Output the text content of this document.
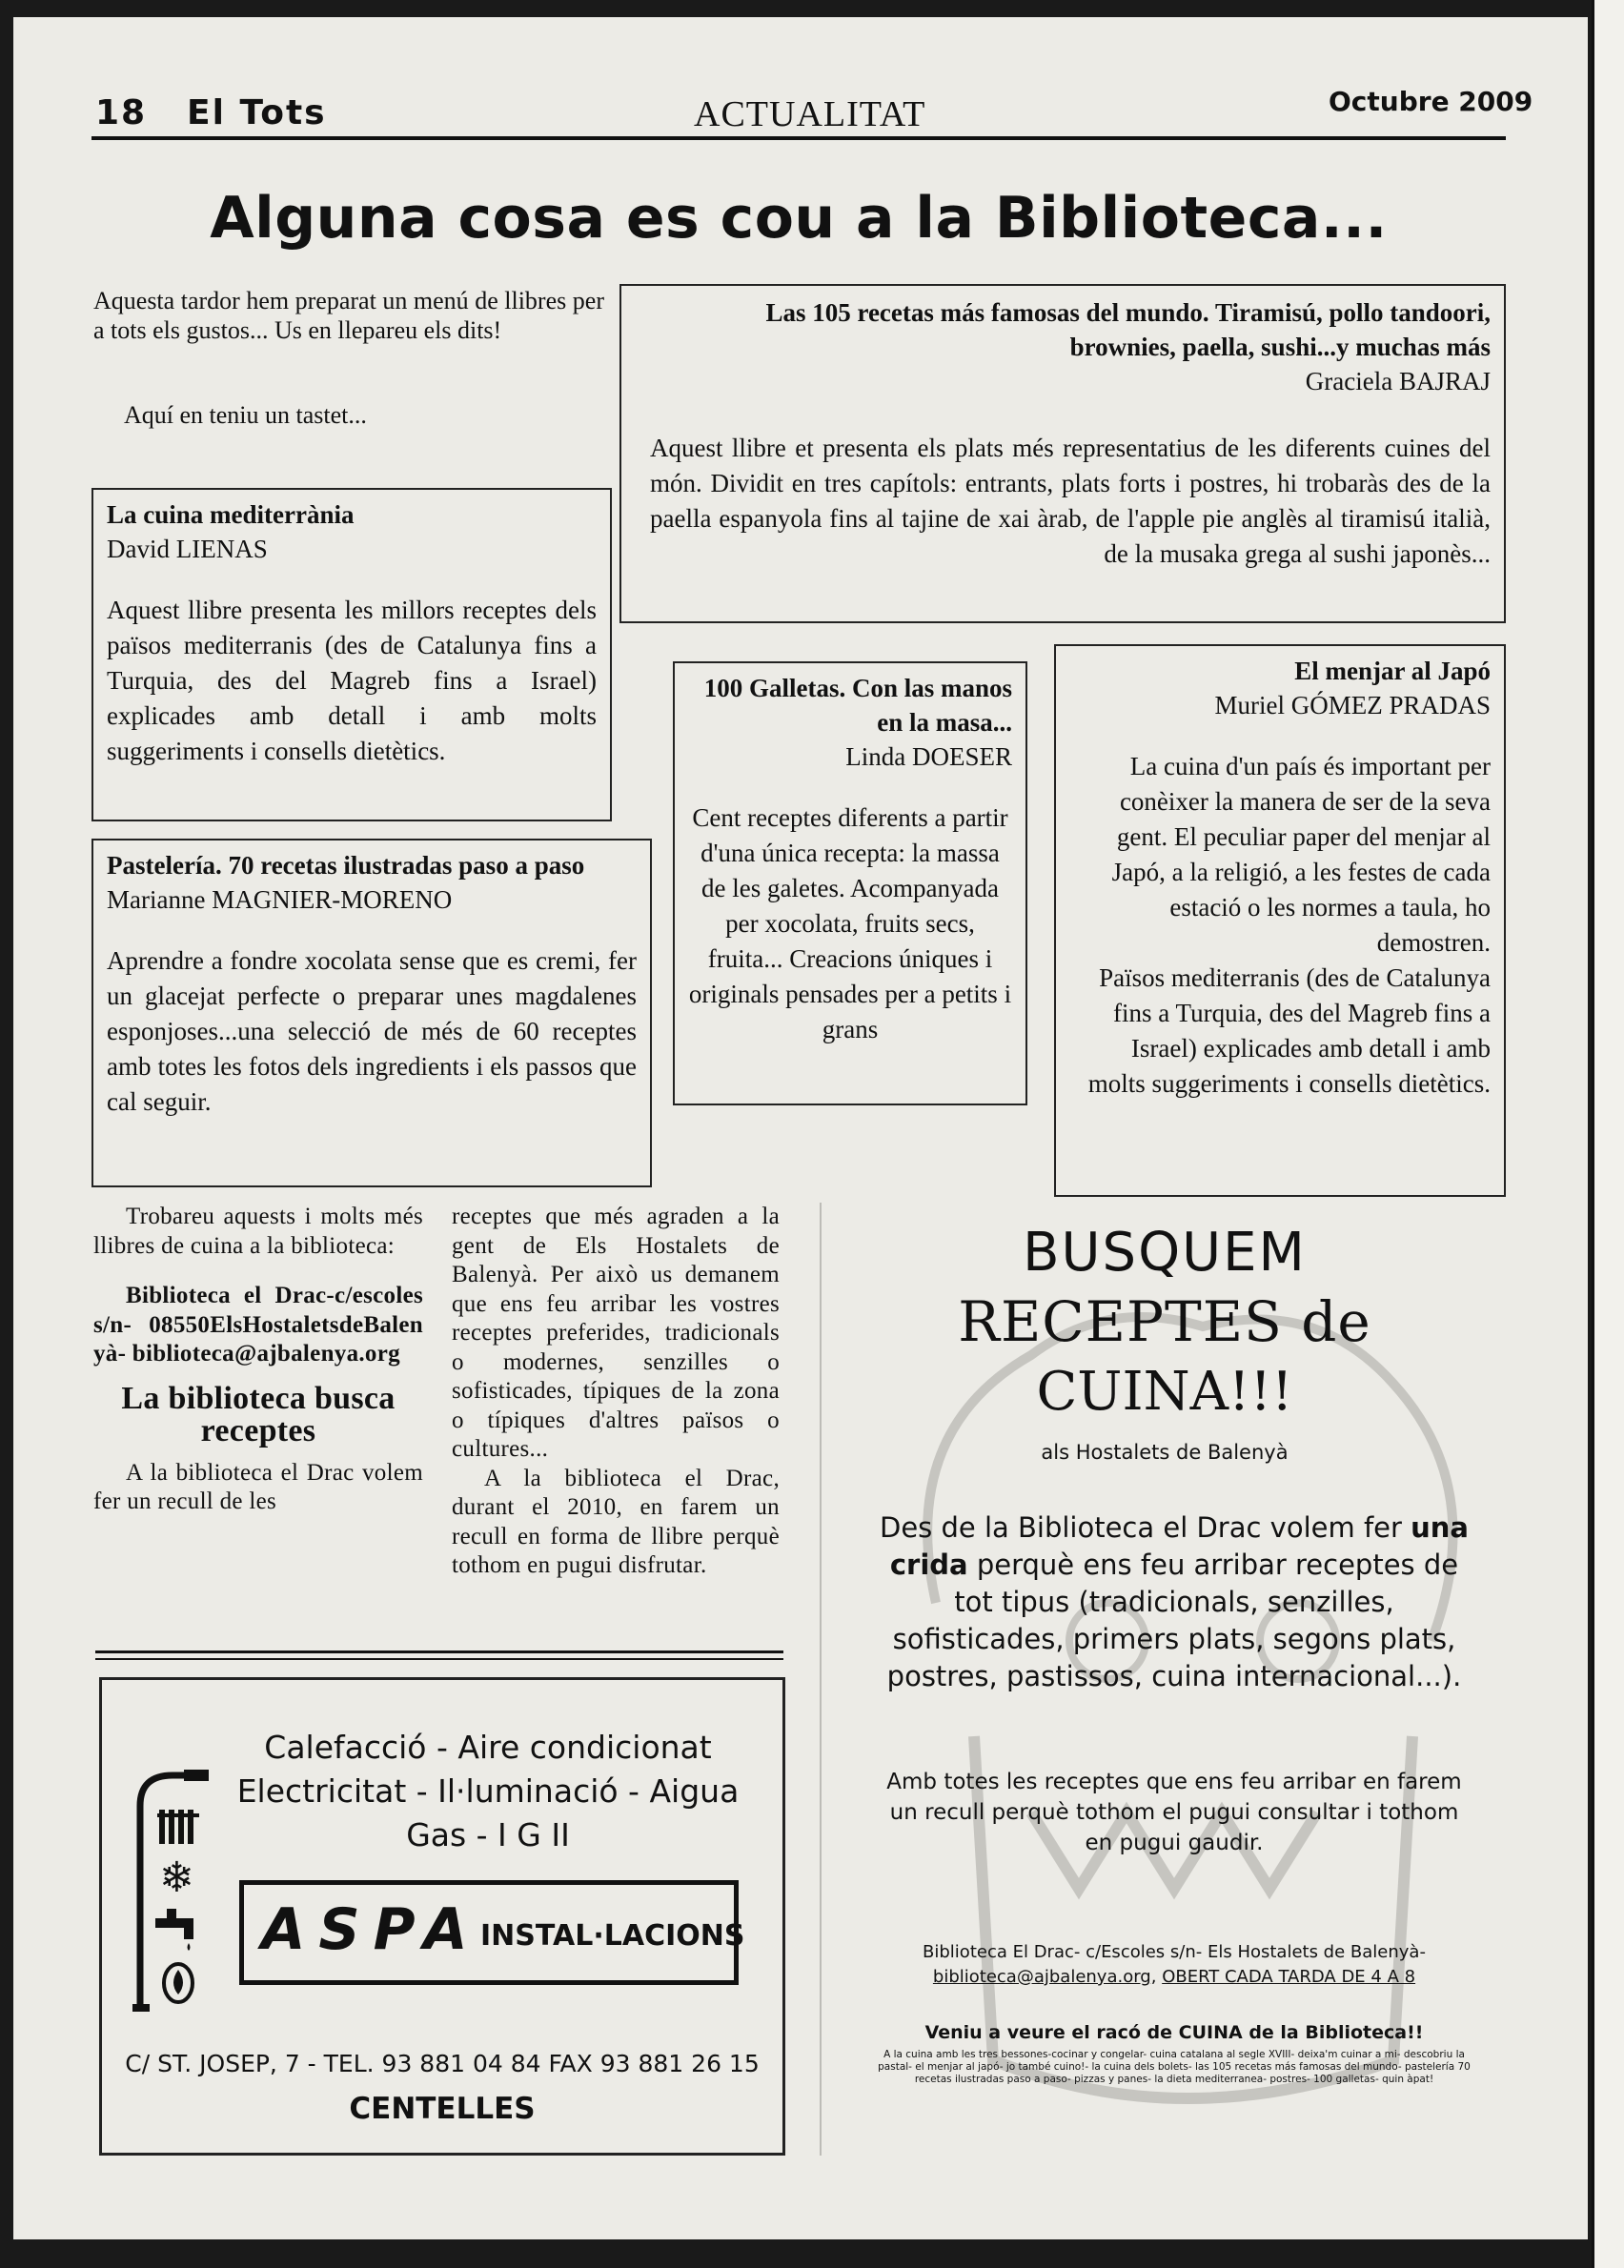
18 El Tots	ACTUALITAT	Octubre 2009
Alguna cosa es cou a la Biblioteca...
Aquesta tardor hem preparat un menú de llibres per a tots els gustos... Us en llepareu els dits!
Aquí en teniu un tastet...
Las 105 recetas más famosas del mundo. Tiramisú, pollo tandoori, brownies, paella, sushi...y muchas más
Graciela BAJRAJ
Aquest llibre et presenta els plats més representatius de les diferents cuines del món. Dividit en tres capítols: entrants, plats forts i postres, hi trobaràs des de la paella espanyola fins al tajine de xai àrab, de l'apple pie anglès al tiramisú italià, de la musaka grega al sushi japonès...
La cuina mediterrània
David LIENAS
Aquest llibre presenta les millors receptes dels països mediterranis (des de Catalunya fins a Turquia, des del Magreb fins a Israel) explicades amb detall i amb molts suggeriments i consells dietètics.
100 Galletas. Con las manos en la masa...
Linda DOESER
Cent receptes diferents a partir d'una única recepta: la massa de les galetes. Acompanyada per xocolata, fruits secs, fruita... Creacions úniques i originals pensades per a petits i grans
El menjar al Japó
Muriel GÓMEZ PRADAS
La cuina d'un país és important per conèixer la manera de ser de la seva gent. El peculiar paper del menjar al Japó, a la religió, a les festes de cada estació o les normes a taula, ho demostren.
Països mediterranis (des de Catalunya fins a Turquia, des del Magreb fins a Israel) explicades amb detall i amb molts suggeriments i consells dietètics.
Pastelería. 70 recetas ilustradas paso a paso
Marianne MAGNIER-MORENO
Aprendre a fondre xocolata sense que es cremi, fer un glacejat perfecte o preparar unes magdalenes esponjoses...una selecció de més de 60 receptes amb totes les fotos dels ingredients i els passos que cal seguir.
Trobareu aquests i molts més llibres de cuina a la biblioteca:
Biblioteca el Drac-c/escoles s/n- 08550ElsHostaletsdeBalenyà- biblioteca@ajbalenya.org
La biblioteca busca receptes
A la biblioteca el Drac volem fer un recull de les
receptes que més agraden a la gent de Els Hostalets de Balenyà. Per això us demanem que ens feu arribar les vostres receptes preferides, tradicionals o modernes, senzilles o sofisticades, típiques de la zona o típiques d'altres països o cultures...
A la biblioteca el Drac, durant el 2010, en farem un recull en forma de llibre perquè tothom en pugui disfrutar.
Calefacció - Aire condicionat
Electricitat - Il·luminació - Aigua
Gas - I G II
❄
ASPA INSTAL·LACIONS
C/ ST. JOSEP, 7 - TEL. 93 881 04 84 FAX 93 881 26 15
CENTELLES
BUSQUEM
RECEPTES de
CUINA!!!
als Hostalets de Balenyà
Des de la Biblioteca el Drac volem fer una crida perquè ens feu arribar receptes de tot tipus (tradicionals, senzilles, sofisticades, primers plats, segons plats, postres, pastissos, cuina internacional...).
Amb totes les receptes que ens feu arribar en farem un recull perquè tothom el pugui consultar i tothom en pugui gaudir.
Biblioteca El Drac- c/Escoles s/n- Els Hostalets de Balenyà-
biblioteca@ajbalenya.org, OBERT CADA TARDA DE 4 A 8
Veniu a veure el racó de CUINA de la Biblioteca!!
A la cuina amb les tres bessones-cocinar y congelar- cuina catalana al segle XVIII- deixa'm cuinar a mi- descobriu la pastal- el menjar al japó- jo també cuino!- la cuina dels bolets- las 105 recetas más famosas del mundo- pastelería 70 recetas ilustradas paso a paso- pizzas y panes- la dieta mediterranea- postres- 100 galletas- quin àpat!
